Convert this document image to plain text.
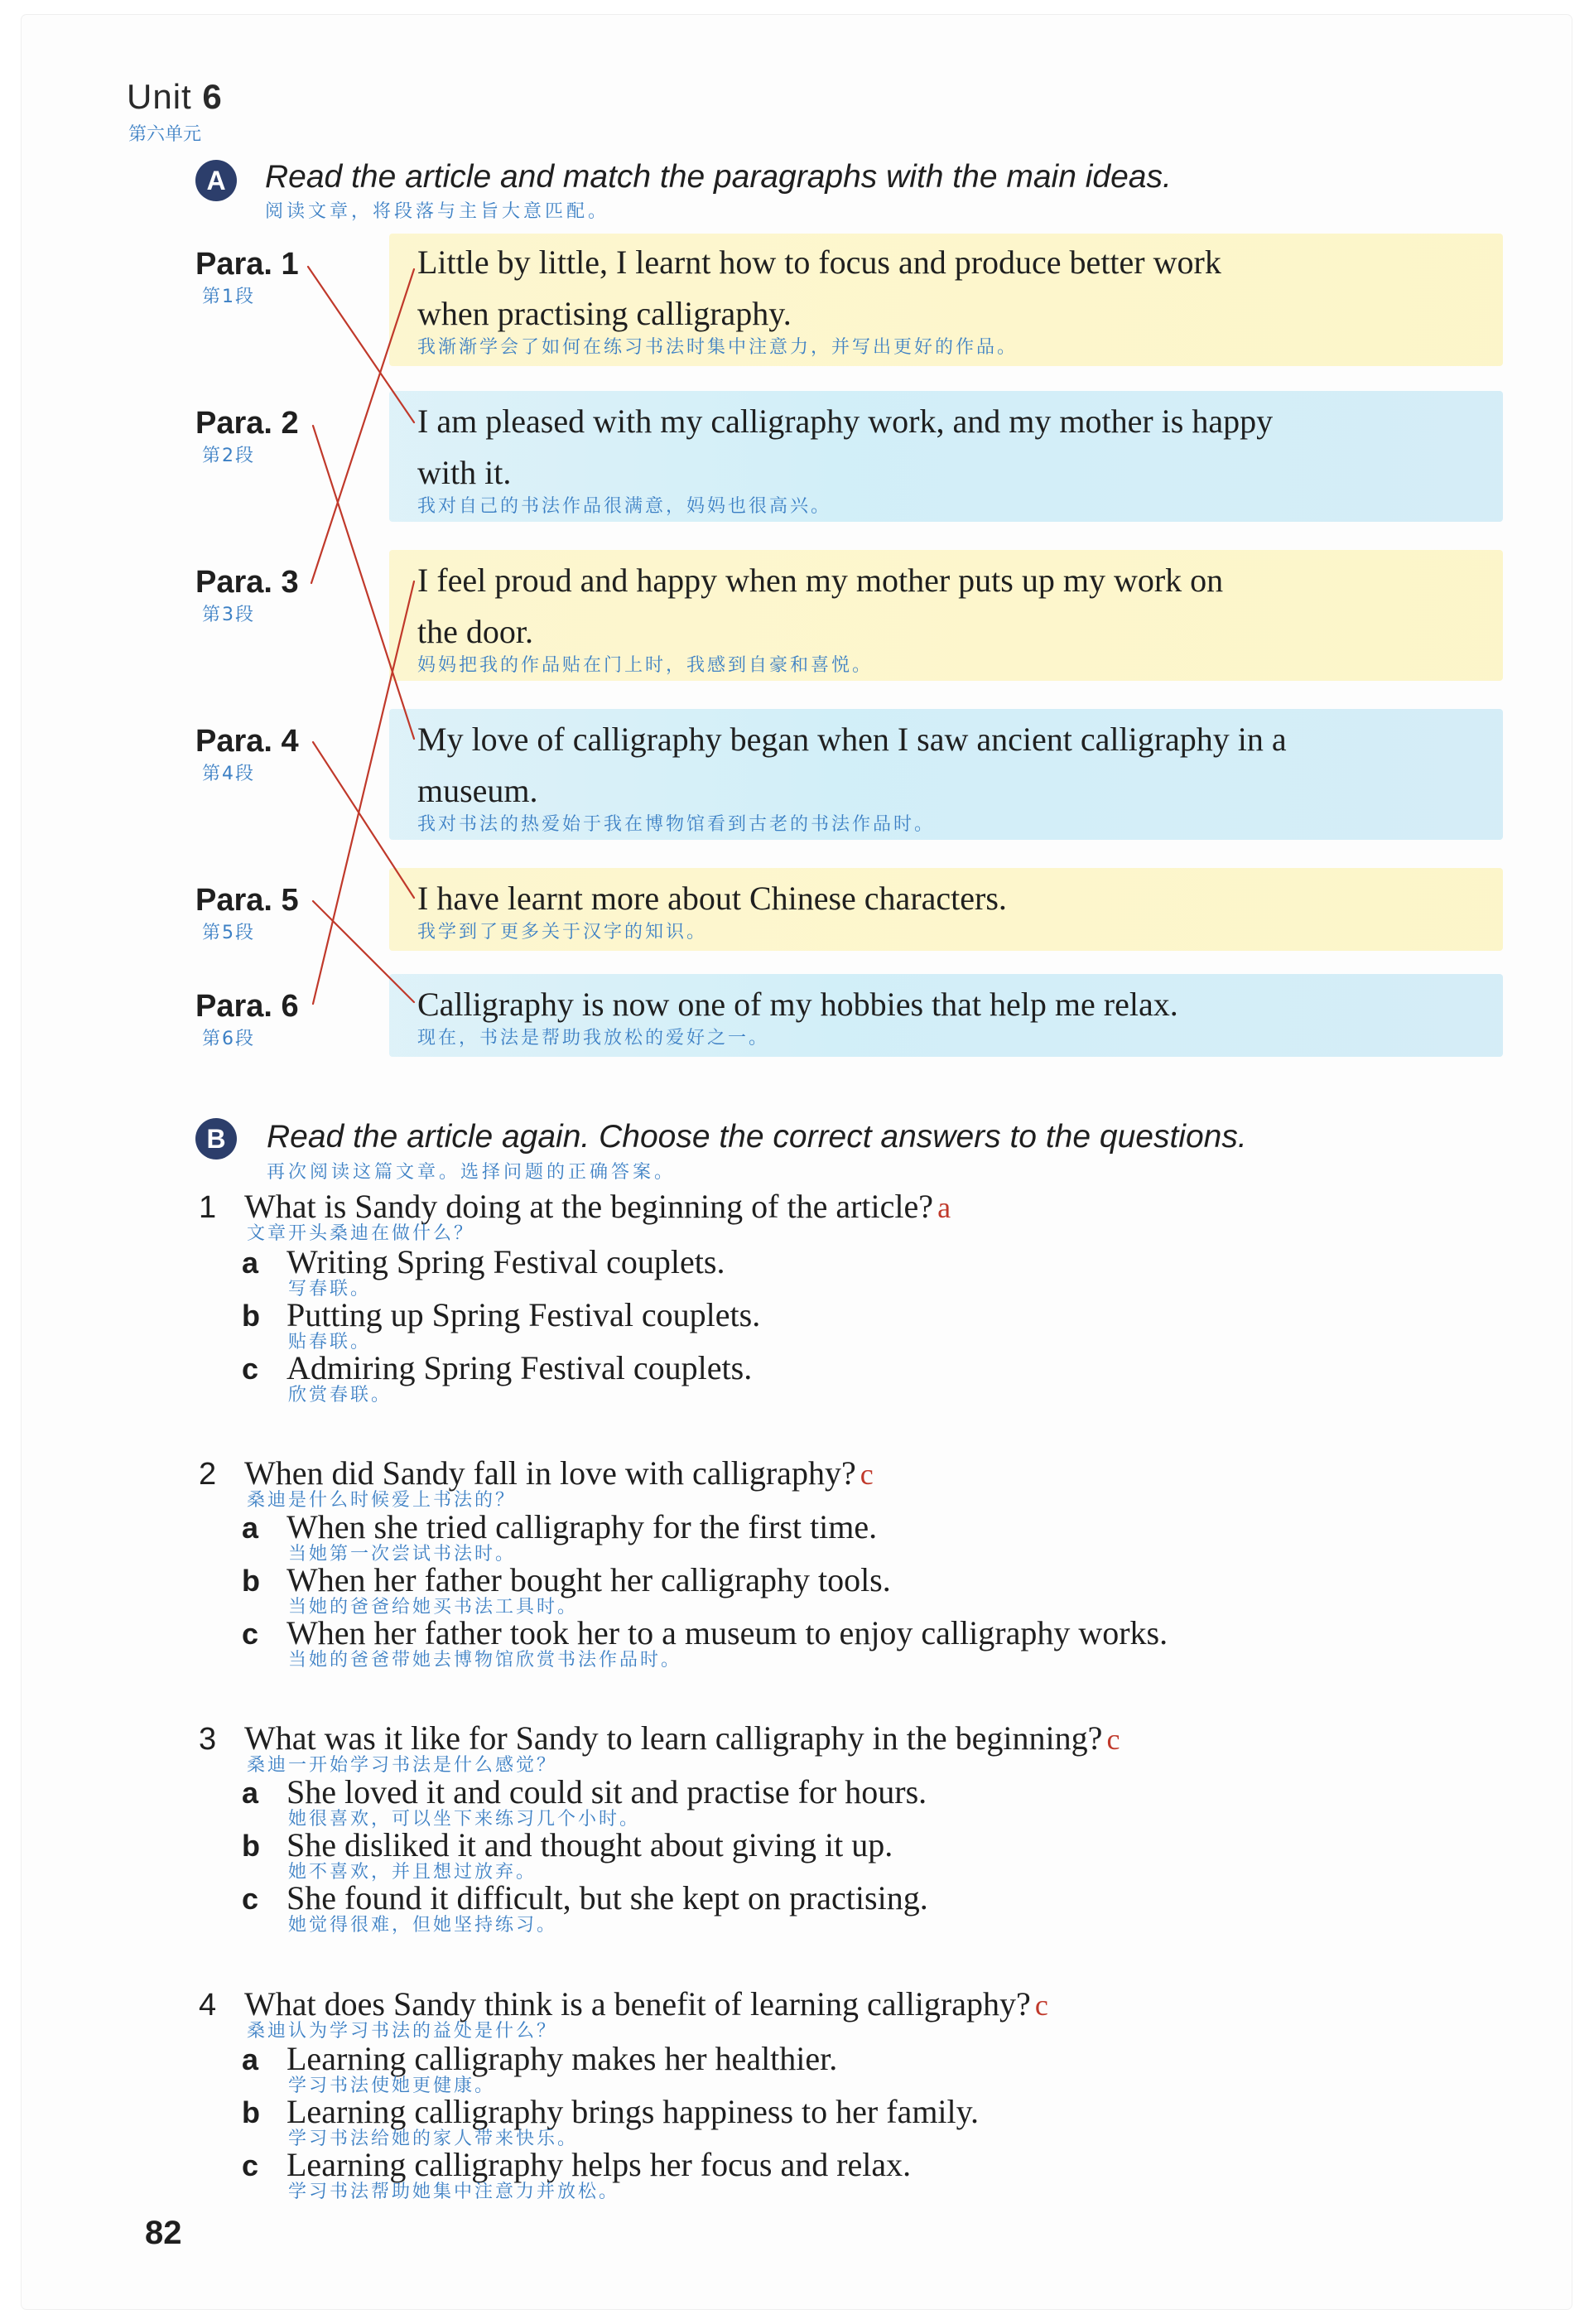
Unit 6
第六单元
A	Read the article and match the paragraphs with the main ideas.
阅读文章，将段落与主旨大意匹配。
Para. 1
第1段
Para. 2
第2段
Para. 3
第3段
Para. 4
第4段
Para. 5
第5段
Para. 6
第6段
Little by little, I learnt how to focus and produce better work
when practising calligraphy.
我渐渐学会了如何在练习书法时集中注意力，并写出更好的作品。
I am pleased with my calligraphy work, and my mother is happy
with it.
我对自己的书法作品很满意，妈妈也很高兴。
I feel proud and happy when my mother puts up my work on
the door.
妈妈把我的作品贴在门上时，我感到自豪和喜悦。
My love of calligraphy began when I saw ancient calligraphy in a
museum.
我对书法的热爱始于我在博物馆看到古老的书法作品时。
I have learnt more about Chinese characters.
我学到了更多关于汉字的知识。
Calligraphy is now one of my hobbies that help me relax.
现在，书法是帮助我放松的爱好之一。
B	Read the article again. Choose the correct answers to the questions.
再次阅读这篇文章。选择问题的正确答案。
1 What is Sandy doing at the beginning of the article? a
文章开头桑迪在做什么？
a Writing Spring Festival couplets.
写春联。
b Putting up Spring Festival couplets.
贴春联。
c Admiring Spring Festival couplets.
欣赏春联。
2 When did Sandy fall in love with calligraphy? c
桑迪是什么时候爱上书法的？
a When she tried calligraphy for the first time.
当她第一次尝试书法时。
b When her father bought her calligraphy tools.
当她的爸爸给她买书法工具时。
c When her father took her to a museum to enjoy calligraphy works.
当她的爸爸带她去博物馆欣赏书法作品时。
3 What was it like for Sandy to learn calligraphy in the beginning? c
桑迪一开始学习书法是什么感觉？
a She loved it and could sit and practise for hours.
她很喜欢，可以坐下来练习几个小时。
b She disliked it and thought about giving it up.
她不喜欢，并且想过放弃。
c She found it difficult, but she kept on practising.
她觉得很难，但她坚持练习。
4 What does Sandy think is a benefit of learning calligraphy? c
桑迪认为学习书法的益处是什么？
a Learning calligraphy makes her healthier.
学习书法使她更健康。
b Learning calligraphy brings happiness to her family.
学习书法给她的家人带来快乐。
c Learning calligraphy helps her focus and relax.
学习书法帮助她集中注意力并放松。
82
